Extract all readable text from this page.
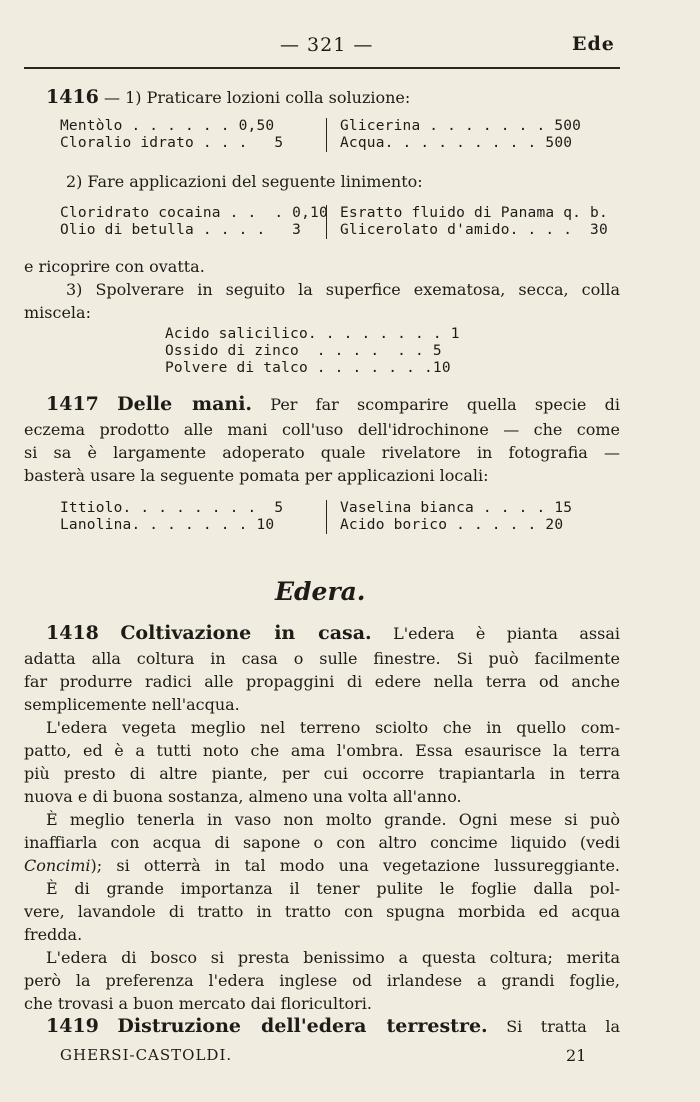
— 321 —	Ede
1416 — 1) Praticare lozioni colla soluzione:
Mentòlo . . . . . . 0,50
Cloralio idrato . . .   5
Glicerina . . . . . . . 500
Acqua. . . . . . . . . 500
2) Fare applicazioni del seguente linimento:
Cloridrato cocaina . .  . 0,10
Olio di betulla . . . .   3
Esratto fluido di Panama q. b.
Glicerolato d'amido. . . .  30
e ricoprire con ovatta.
3) Spolverare in seguito la superfice exematosa, secca, colla
miscela:
Acido salicilico. . . . . . . . 1
Ossido di zinco  . . . .  . . 5
Polvere di talco . . . . . . .10
1417 Delle mani. Per far scomparire quella specie di
eczema prodotto alle mani coll'uso dell'idrochinone — che come
si sa è largamente adoperato quale rivelatore in fotografia —
basterà usare la seguente pomata per applicazioni locali:
Ittiolo. . . . . . . .  5
Lanolina. . . . . . . 10
Vaselina bianca . . . . 15
Acido borico . . . . . 20
Edera.
1418 Coltivazione in casa. L'edera è pianta assai
adatta alla coltura in casa o sulle finestre. Si può facilmente
far produrre radici alle propaggini di edere nella terra od anche
semplicemente nell'acqua.
L'edera vegeta meglio nel terreno sciolto che in quello com-
patto, ed è a tutti noto che ama l'ombra. Essa esaurisce la terra
più presto di altre piante, per cui occorre trapiantarla in terra
nuova e di buona sostanza, almeno una volta all'anno.
È meglio tenerla in vaso non molto grande. Ogni mese si può
inaffiarla con acqua di sapone o con altro concime liquido (vedi
Concimi); si otterrà in tal modo una vegetazione lussureggiante.
È di grande importanza il tener pulite le foglie dalla pol-
vere, lavandole di tratto in tratto con spugna morbida ed acqua
fredda.
L'edera di bosco si presta benissimo a questa coltura; merita
però la preferenza l'edera inglese od irlandese a grandi foglie,
che trovasi a buon mercato dai floricultori.
1419 Distruzione dell'edera terrestre. Si tratta la
GHERSI-CASTOLDI.	21
